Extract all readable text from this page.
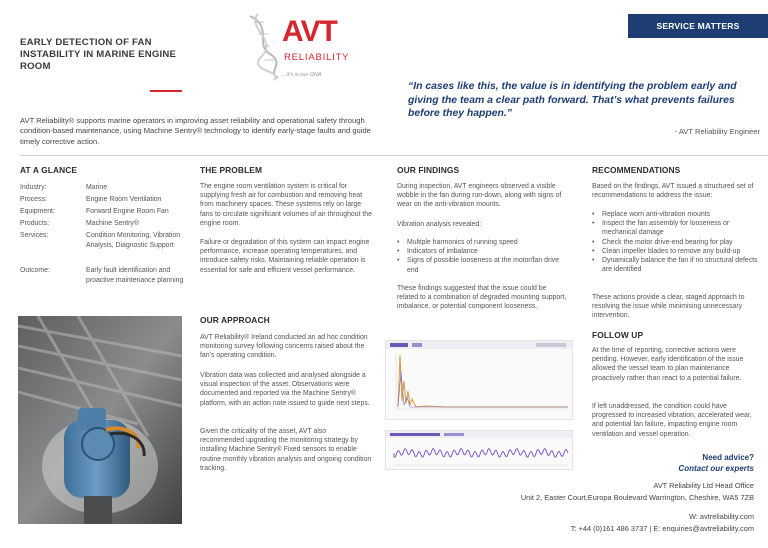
EARLY DETECTION OF FAN
INSTABILITY IN MARINE ENGINE
ROOM
AVT
RELIABILITY
...it's in our DNA
SERVICE MATTERS
“In cases like this, the value is in identifying the problem early and giving the team a clear path forward. That’s what prevents failures before they happen.”
- AVT Reliability Engineer
AVT Reliability® supports marine operators in improving asset reliability and operational safety through condition-based maintenance, using Machine Sentry® technology to identify early-stage faults and guide timely corrective action.
AT A GLANCE
Industry:	Marine
Process:	Engine Room Ventilation
Equipment:	Forward Engine Room Fan
Products:	Machine Sentry®
Services:	Condition Monitoring, Vibration Analysis, Diagnostic Support
Outcome:	Early fault identification and proactive maintenance planning
THE PROBLEM
The engine room ventilation system is critical for supplying fresh air for combustion and removing heat from machinery spaces. These systems rely on large fans to circulate significant volumes of air throughout the engine room.
Failure or degradation of this system can impact engine performance, increase operating temperatures, and introduce safety risks. Maintaining reliable operation is essential for safe and efficient vessel performance.
OUR APPROACH
AVT Reliability® Ireland conducted an ad hoc condition monitoring survey following concerns raised about the fan’s operating condition.
Vibration data was collected and analysed alongside a visual inspection of the asset. Observations were documented and reported via the Machine Sentry® platform, with an action note issued to guide next steps.
Given the criticality of the asset, AVT also recommended upgrading the monitoring strategy by installing Machine Sentry® Fixed sensors to enable routine monthly vibration analysis and ongoing condition tracking.
OUR FINDINGS
During inspection, AVT engineers observed a visible wobble in the fan during run-down, along with signs of wear on the anti-vibration mounts.
Vibration analysis revealed:
• Multiple harmonics of running speed
• Indicators of imbalance
• Signs of possible looseness at the motor/fan drive end
These findings suggested that the issue could be related to a combination of degraded mounting support, imbalance, or potential component looseness.
RECOMMENDATIONS
Based on the findings, AVT issued a structured set of recommendations to address the issue:
• Replace worn anti-vibration mounts
• Inspect the fan assembly for looseness or mechanical damage
• Check the motor drive-end bearing for play
• Clean impeller blades to remove any build-up
• Dynamically balance the fan if no structural defects are identified
These actions provide a clear, staged approach to resolving the issue while minimising unnecessary intervention.
FOLLOW UP
At the time of reporting, corrective actions were pending. However, early identification of the issue allowed the vessel team to plan maintenance proactively rather than react to a potential failure.
If left unaddressed, the condition could have progressed to increased vibration, accelerated wear, and potential fan failure, impacting engine room ventilation and vessel operation.
Need advice?
Contact our experts
AVT Reliability Ltd Head Office
Unit 2, Easter Court,Europa Boulevard Warrington, Cheshire, WA5 7ZB
W: avtreliability.com
T: +44 (0)161 486 3737 | E: enquiries@avtreliability.com
